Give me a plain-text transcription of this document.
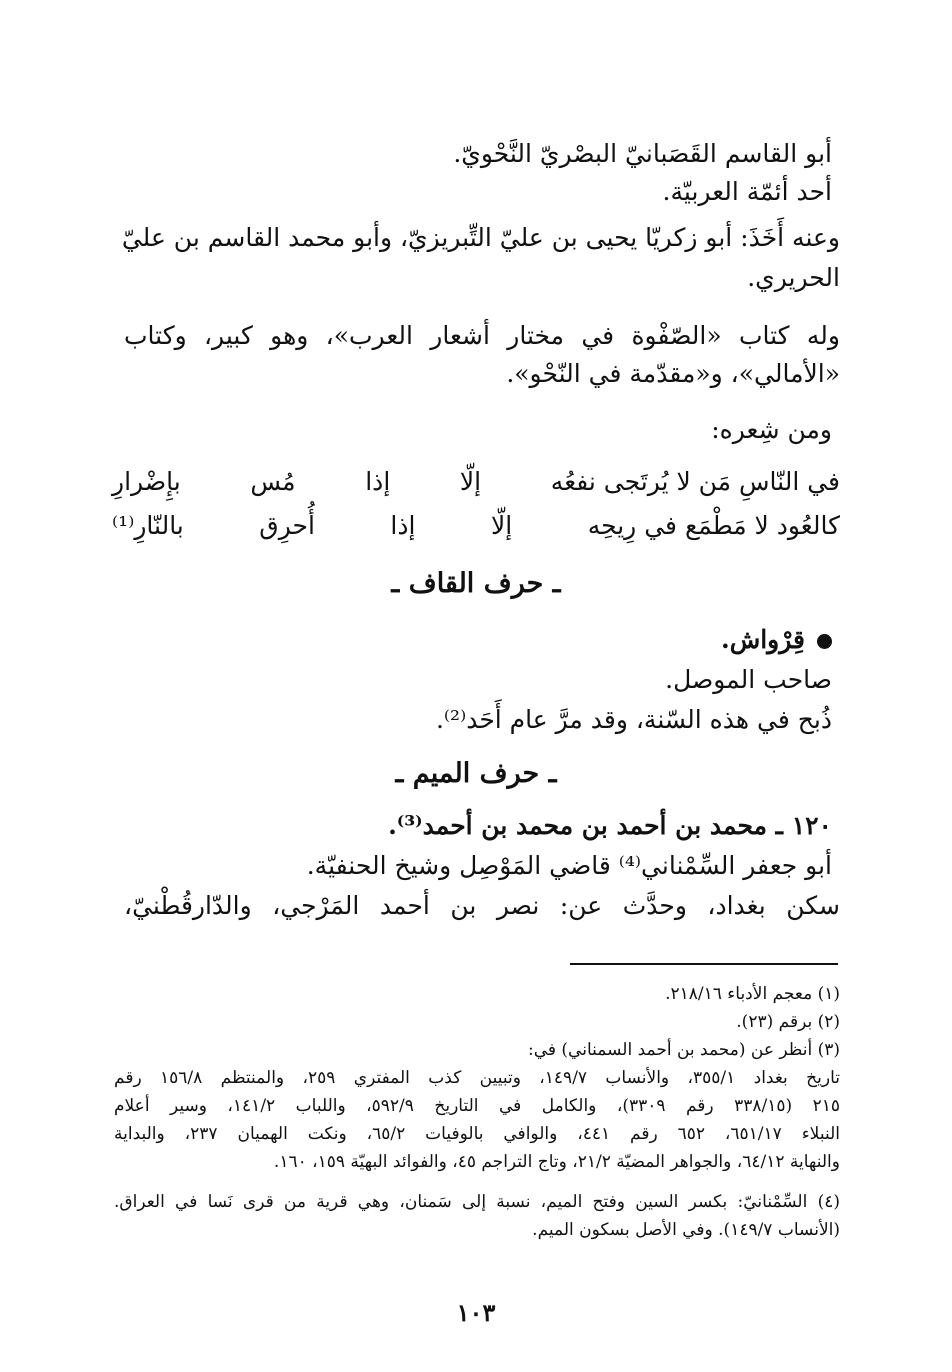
أبو القاسم القَصَبانيّ البصْريّ النَّحْويّ.
أحد أئمّة العربيّة.
وعنه أَخَذَ: أبو زكريّا يحيى بن عليّ التِّبريزيّ، وأبو محمد القاسم بن عليّ
الحريري.
وله كتاب «الصّفْوة في مختار أشعار العرب»، وهو كبير، وكتاب
«الأمالي»، و«مقدّمة في النّحْو».
ومن شِعره:
في النّاسِ مَن لا يُرتَجى نفعُه
إلّا
إذا
مُس
بإِضْرارِ
كالعُود لا مَطْمَع في رِيحِه
إلّا
إذا
أُحرِق
بالنّارِ⁽¹⁾
ـ حرف القاف ـ
قِرْواش.
صاحب الموصل.
ذُبح في هذه السّنة، وقد مرَّ عام أَحَد⁽²⁾.
ـ حرف الميم ـ
١٢٠ ـ محمد بن أحمد بن محمد بن أحمد⁽³⁾.
أبو جعفر السِّمْناني⁽⁴⁾ قاضي المَوْصِل وشيخ الحنفيّة.
سكن بغداد، وحدَّث عن: نصر بن أحمد المَرْجي، والدّارقُطْنيّ،
(١) معجم الأدباء ٢١٨/١٦.
(٢) برقم (٢٣).
(٣) أنظر عن (محمد بن أحمد السمناني) في:
تاريخ بغداد ٣٥٥/١، والأنساب ١٤٩/٧، وتبيين كذب المفتري ٢٥٩، والمنتظم ١٥٦/٨ رقم
٢١٥ (٣٣٨/١٥ رقم ٣٣٠٩)، والكامل في التاريخ ٥٩٢/٩، واللباب ١٤١/٢، وسير أعلام
النبلاء ٦٥١/١٧، ٦٥٢ رقم ٤٤١، والوافي بالوفيات ٦٥/٢، ونكت الهميان ٢٣٧، والبداية
والنهاية ٦٤/١٢، والجواهر المضيّة ٢١/٢، وتاج التراجم ٤٥، والفوائد البهيّة ١٥٩، ١٦٠.
(٤) السِّمْنانيّ: بكسر السين وفتح الميم، نسبة إلى سَمنان، وهي قرية من قرى نَسا في العراق.
(الأنساب ١٤٩/٧). وفي الأصل بسكون الميم.
١٠٣
